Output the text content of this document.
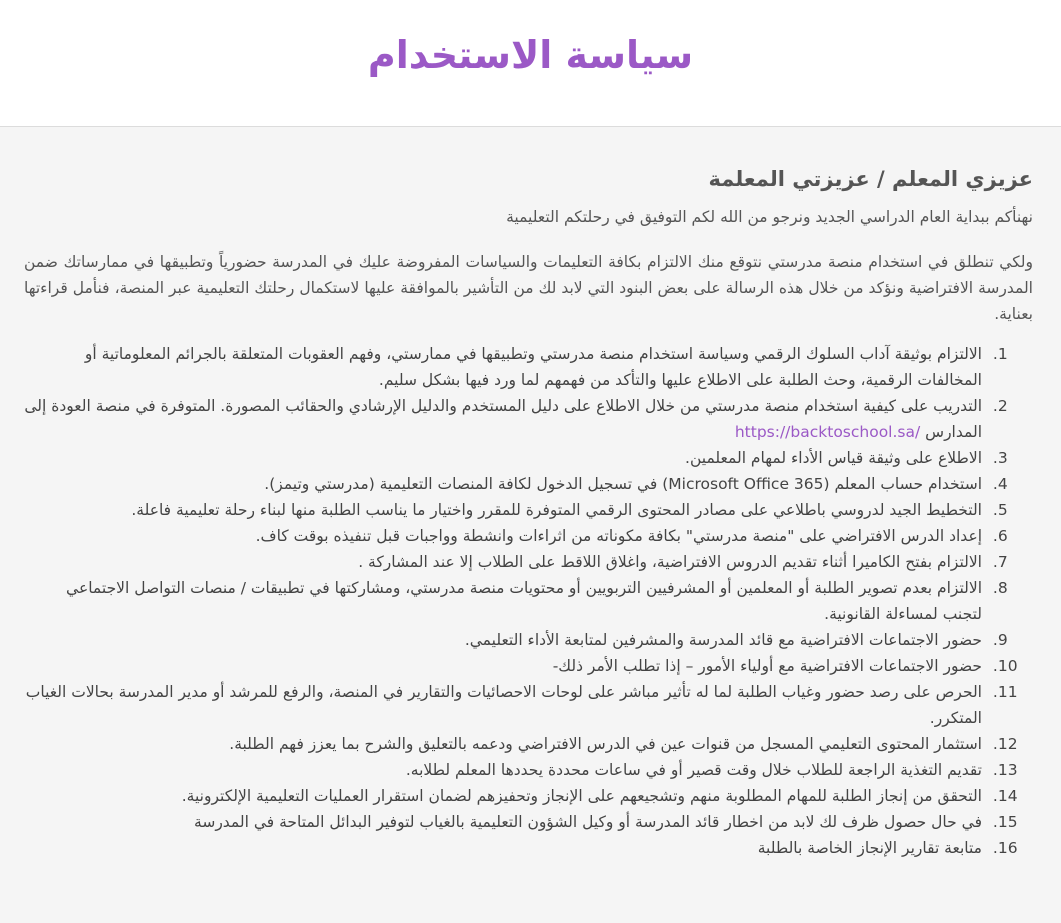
سياسة الاستخدام
عزيزي المعلم / عزيزتي المعلمة

نهنأكم ببداية العام الدراسي الجديد ونرجو من الله لكم التوفيق في رحلتكم التعليمية

ولكي تنطلق في استخدام منصة مدرستي نتوقع منك الالتزام بكافة التعليمات والسياسات المفروضة عليك في المدرسة حضورياً وتطبيقها في ممارساتك ضمن المدرسة الافتراضية ونؤكد من خلال هذه الرسالة على بعض البنود التي لابد لك من التأشير بالموافقة عليها لاستكمال رحلتك التعليمية عبر المنصة، فنأمل قراءتها بعناية.

1. الالتزام بوثيقة آداب السلوك الرقمي وسياسة استخدام منصة مدرستي وتطبيقها في ممارستي، وفهم العقوبات المتعلقة بالجرائم المعلوماتية أو المخالفات الرقمية، وحث الطلبة على الاطلاع عليها والتأكد من فهمهم لما ورد فيها بشكل سليم.
2. التدريب على كيفية استخدام منصة مدرستي من خلال الاطلاع على دليل المستخدم والدليل الإرشادي والحقائب المصورة. المتوفرة في منصة العودة إلى المدارس https://backtoschool.sa/
3. الاطلاع على وثيقة قياس الأداء لمهام المعلمين.
4. استخدام حساب المعلم (Microsoft Office 365) في تسجيل الدخول لكافة المنصات التعليمية (مدرستي وتيمز).
5. التخطيط الجيد لدروسي باطلاعي على مصادر المحتوى الرقمي المتوفرة للمقرر واختيار ما يناسب الطلبة منها لبناء رحلة تعليمية فاعلة.
6. إعداد الدرس الافتراضي على "منصة مدرستي" بكافة مكوناته من اثراءات وانشطة وواجبات قبل تنفيذه بوقت كاف.
7. الالتزام بفتح الكاميرا أثناء تقديم الدروس الافتراضية، واغلاق اللاقط على الطلاب إلا عند المشاركة .
8. الالتزام بعدم تصوير الطلبة أو المعلمين أو المشرفيين التربويين أو محتويات منصة مدرستي، ومشاركتها في تطبيقات / منصات التواصل الاجتماعي لتجنب لمساءلة القانونية.
9. حضور الاجتماعات الافتراضية مع قائد المدرسة والمشرفين لمتابعة الأداء التعليمي.
10. حضور الاجتماعات الافتراضية مع أولياء الأمور – إذا تطلب الأمر ذلك-
11. الحرص على رصد حضور وغياب الطلبة لما له تأثير مباشر على لوحات الاحصائيات والتقارير في المنصة، والرفع للمرشد أو مدير المدرسة بحالات الغياب المتكرر.
12. استثمار المحتوى التعليمي المسجل من قنوات عين في الدرس الافتراضي ودعمه بالتعليق والشرح بما يعزز فهم الطلبة.
13. تقديم التغذية الراجعة للطلاب خلال وقت قصير أو في ساعات محددة يحددها المعلم لطلابه.
14. التحقق من إنجاز الطلبة للمهام المطلوبة منهم وتشجيعهم على الإنجاز وتحفيزهم لضمان استقرار العمليات التعليمية الإلكترونية.
15. في حال حصول ظرف لك لابد من اخطار قائد المدرسة أو وكيل الشؤون التعليمية بالغياب لتوفير البدائل المتاحة في المدرسة
16. متابعة تقارير الإنجاز الخاصة بالطلبة
